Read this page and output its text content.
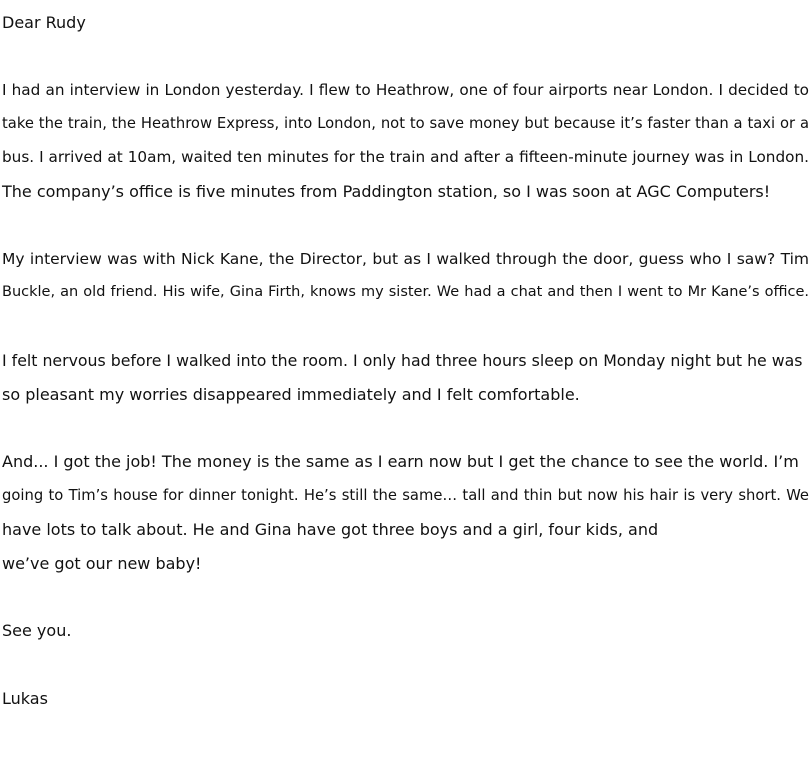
Dear Rudy
I had an interview in London yesterday. I flew to Heathrow, one of four airports near London. I decided to
take the train, the Heathrow Express, into London, not to save money but because it’s faster than a taxi or a
bus. I arrived at 10am, waited ten minutes for the train and after a fifteen-minute journey was in London.
The company’s office is five minutes from Paddington station, so I was soon at AGC Computers!
My interview was with Nick Kane, the Director, but as I walked through the door, guess who I saw? Tim
Buckle, an old friend. His wife, Gina Firth, knows my sister. We had a chat and then I went to Mr Kane’s office.
I felt nervous before I walked into the room. I only had three hours sleep on Monday night but he was
so pleasant my worries disappeared immediately and I felt comfortable.
And... I got the job! The money is the same as I earn now but I get the chance to see the world. I’m
going to Tim’s house for dinner tonight. He’s still the same… tall and thin but now his hair is very short. We
have lots to talk about. He and Gina have got three boys and a girl, four kids, and
we’ve got our new baby!
See you.
Lukas
